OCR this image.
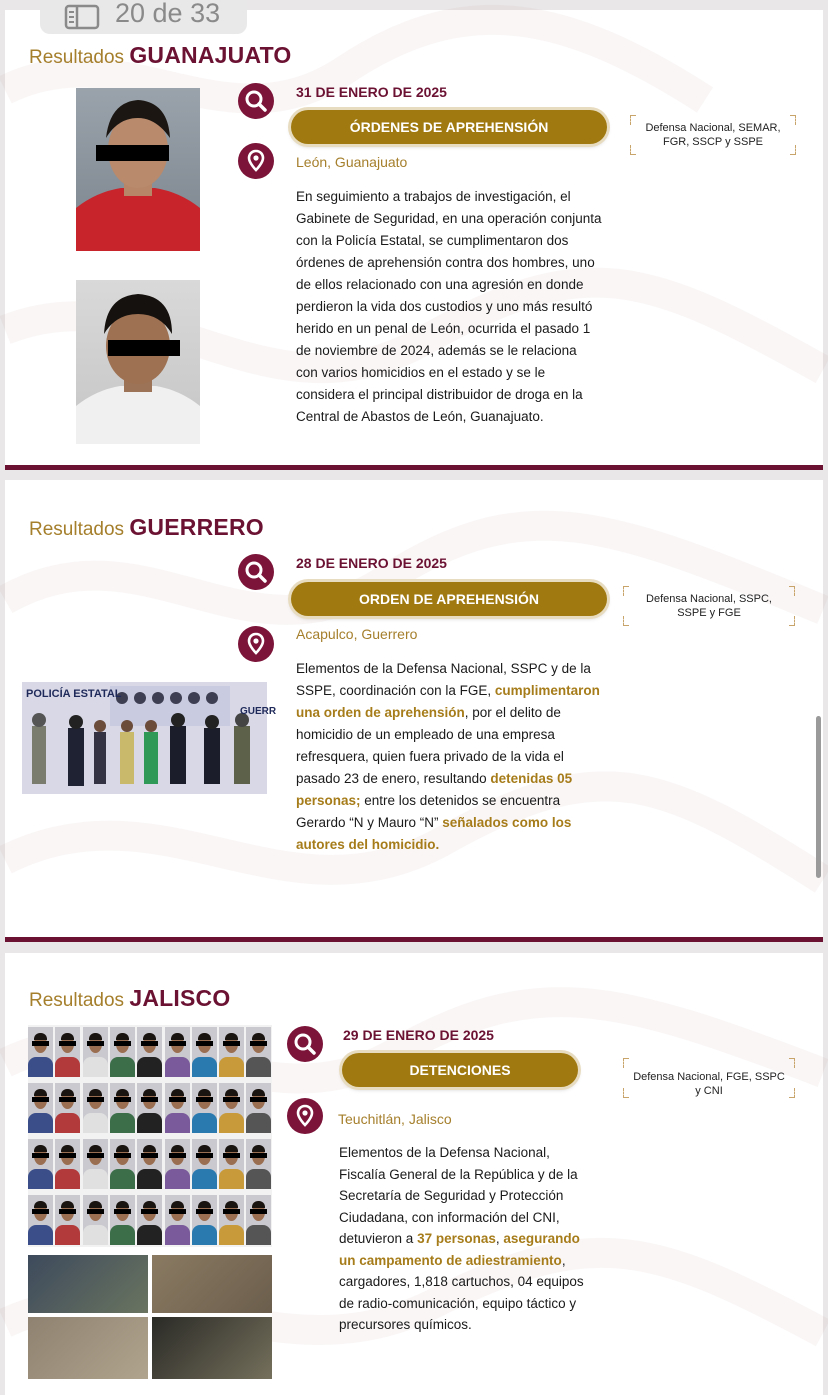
Resultados GUANAJUATO
31 DE ENERO DE 2025
ÓRDENES DE APREHENSIÓN	Defensa Nacional, SEMAR, FGR, SSCP y SSPE
León, Guanajuato
En seguimiento a trabajos de investigación, el Gabinete de Seguridad, en una operación conjunta con la Policía Estatal, se cumplimentaron dos órdenes de aprehensión contra dos hombres, uno de ellos relacionado con una agresión en donde perdieron la vida dos custodios y uno más resultó herido en un penal de León, ocurrida el pasado 1 de noviembre de 2024, además se le relaciona con varios homicidios en el estado y se le considera el principal distribuidor de droga en la Central de Abastos de León, Guanajuato.
Resultados GUERRERO
28 DE ENERO DE 2025
ORDEN DE APREHENSIÓN	Defensa Nacional, SSPC, SSPE y FGE
Acapulco, Guerrero
POLICÍA ESTATAL
GUERR
Elementos de la Defensa Nacional, SSPC y de la SSPE, coordinación con la FGE, cumplimentaron una orden de aprehensión, por el delito de homicidio de un empleado de una empresa refresquera, quien fuera privado de la vida el pasado 23 de enero, resultando detenidas 05 personas; entre los detenidos se encuentra Gerardo “N y Mauro “N” señalados como los autores del homicidio.
Resultados JALISCO
29 DE ENERO DE 2025
DETENCIONES	Defensa Nacional, FGE, SSPC y CNI
Teuchitlán, Jalisco
Elementos de la Defensa Nacional, Fiscalía General de la República y de la Secretaría de Seguridad y Protección Ciudadana, con información del CNI, detuvieron a 37 personas, asegurando un campamento de adiestramiento, cargadores, 1,818 cartuchos, 04 equipos de radio-comunicación, equipo táctico y precursores químicos.
20 de 33
